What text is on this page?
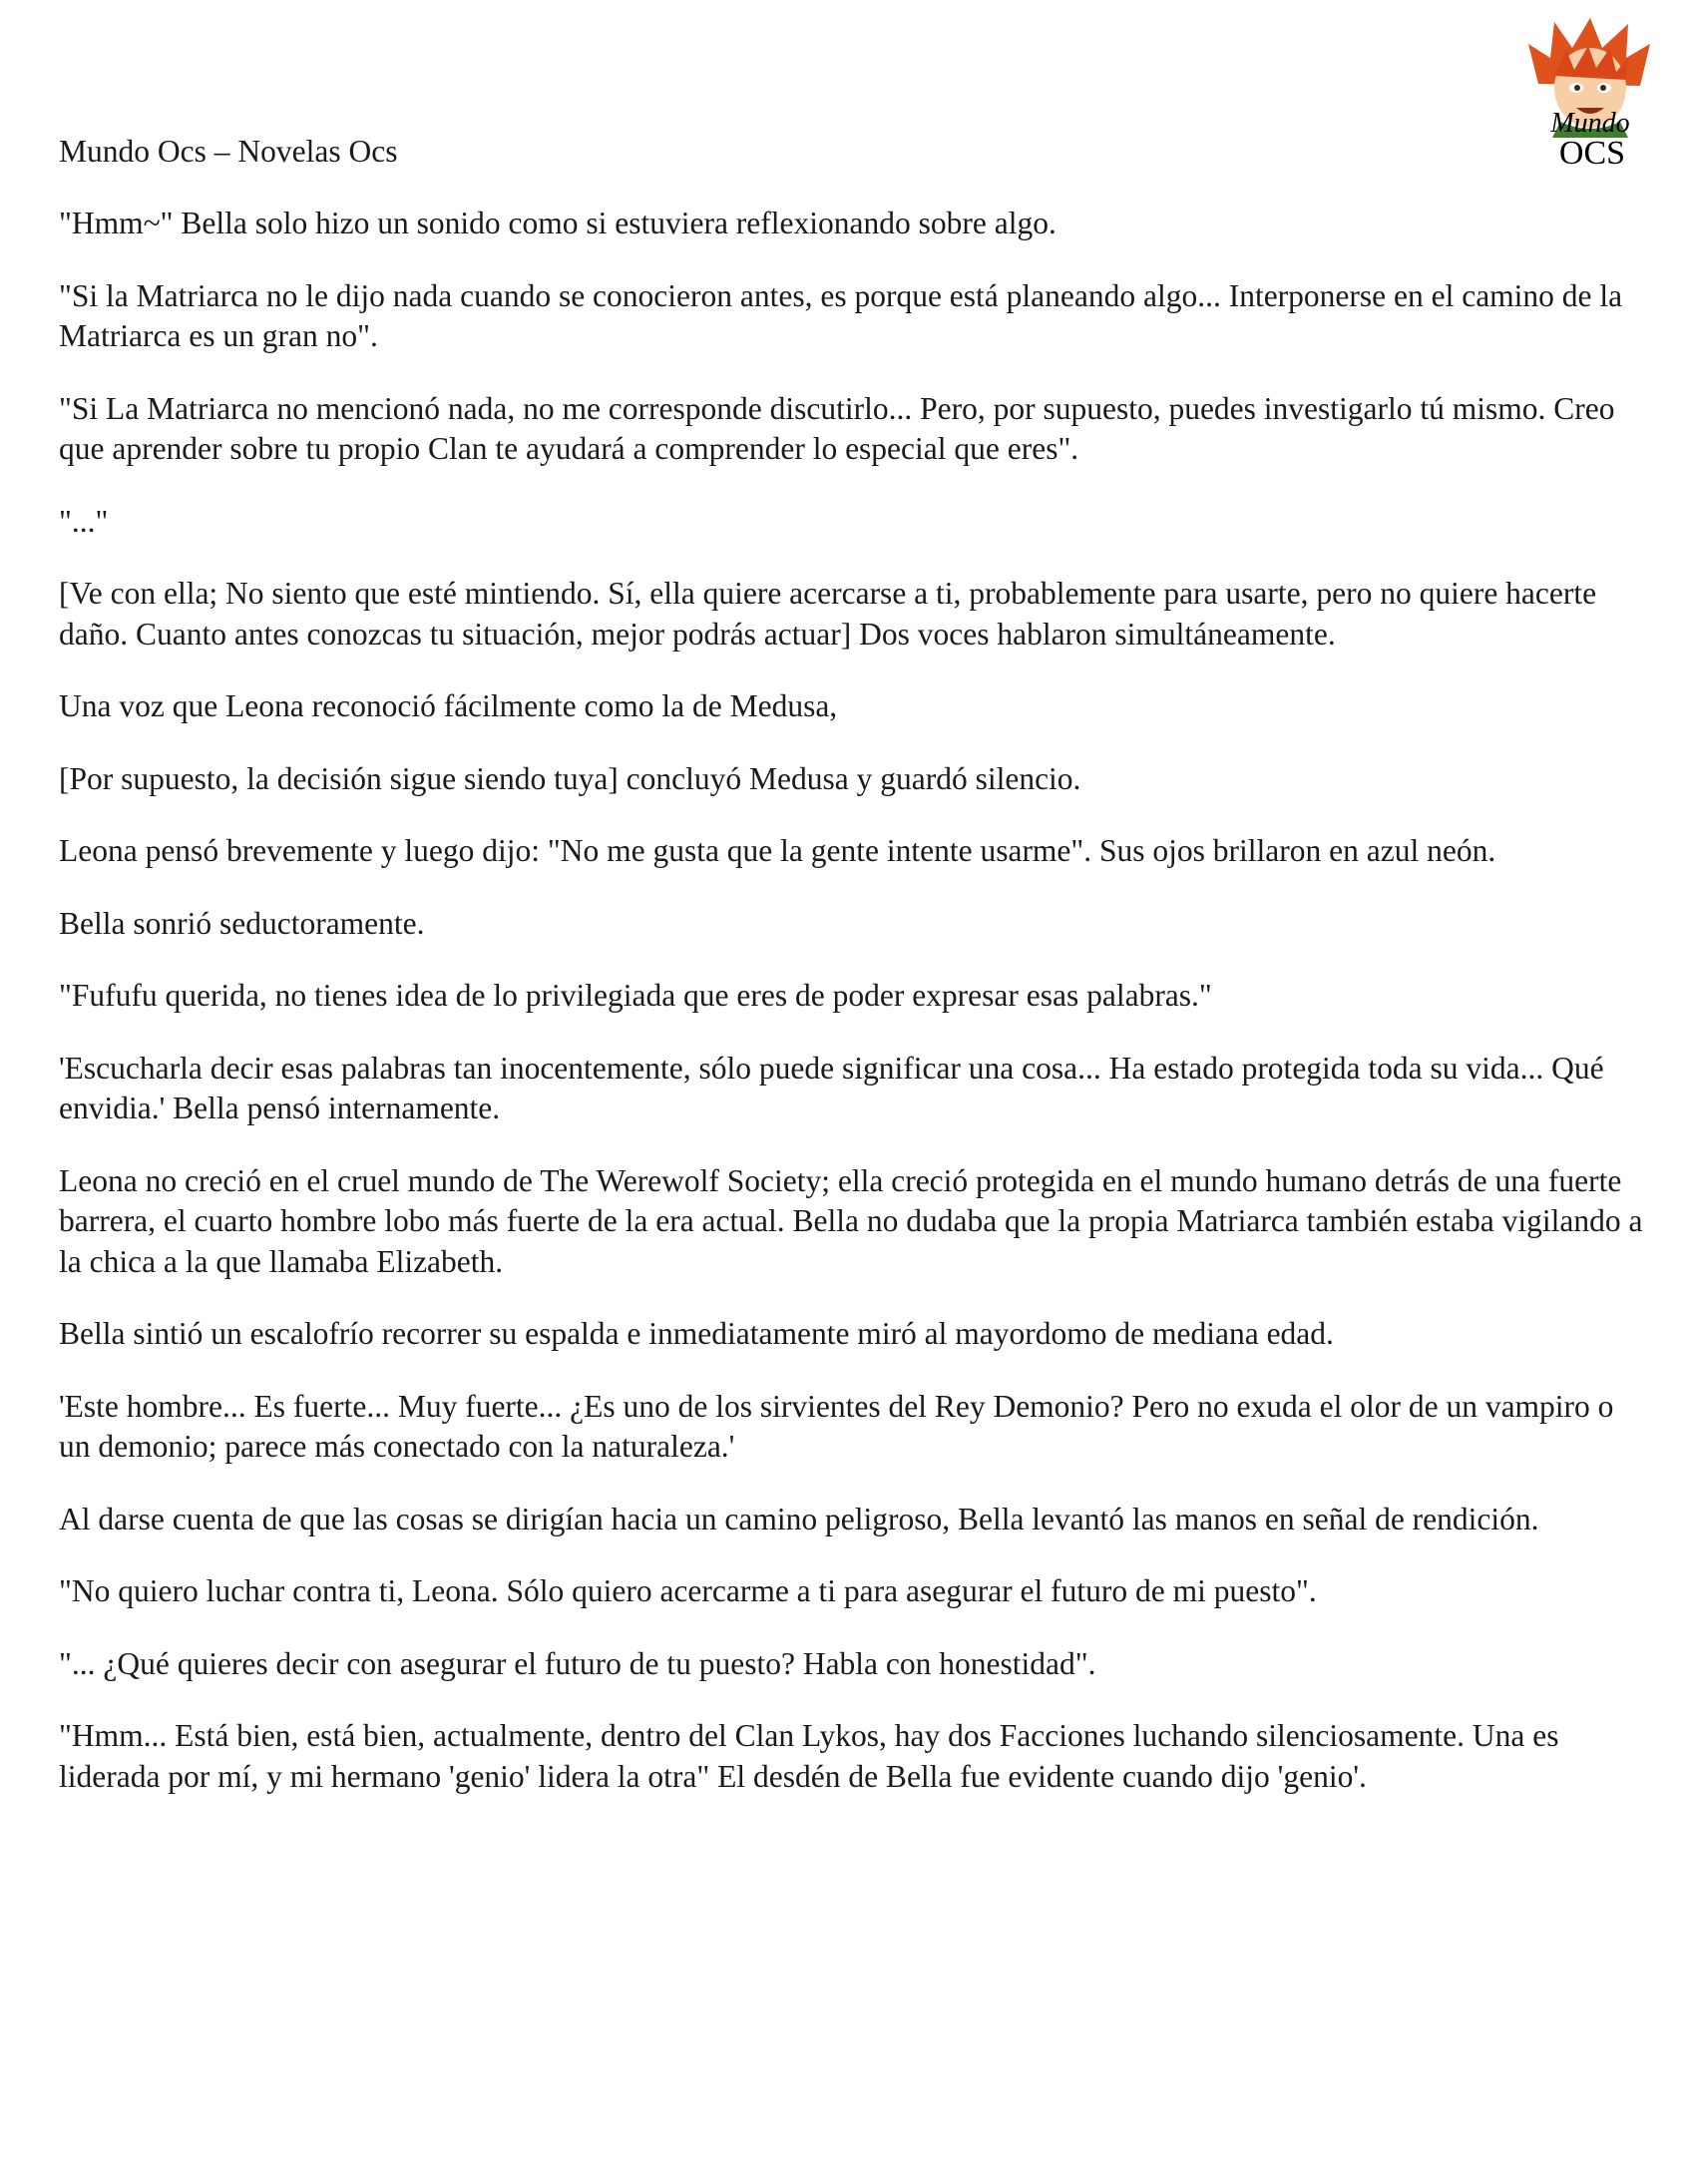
Mundo
OCS
Mundo Ocs – Novelas Ocs

"Hmm~" Bella solo hizo un sonido como si estuviera reflexionando sobre algo.

"Si la Matriarca no le dijo nada cuando se conocieron antes, es porque está planeando algo... Interponerse en el camino de la Matriarca es un gran no".

"Si La Matriarca no mencionó nada, no me corresponde discutirlo... Pero, por supuesto, puedes investigarlo tú mismo. Creo que aprender sobre tu propio Clan te ayudará a comprender lo especial que eres".

"..."

[Ve con ella; No siento que esté mintiendo. Sí, ella quiere acercarse a ti, probablemente para usarte, pero no quiere hacerte daño. Cuanto antes conozcas tu situación, mejor podrás actuar] Dos voces hablaron simultáneamente.

Una voz que Leona reconoció fácilmente como la de Medusa,

[Por supuesto, la decisión sigue siendo tuya] concluyó Medusa y guardó silencio.

Leona pensó brevemente y luego dijo: "No me gusta que la gente intente usarme". Sus ojos brillaron en azul neón.

Bella sonrió seductoramente.

"Fufufu querida, no tienes idea de lo privilegiada que eres de poder expresar esas palabras."

'Escucharla decir esas palabras tan inocentemente, sólo puede significar una cosa... Ha estado protegida toda su vida... Qué envidia.' Bella pensó internamente.

Leona no creció en el cruel mundo de The Werewolf Society; ella creció protegida en el mundo humano detrás de una fuerte barrera, el cuarto hombre lobo más fuerte de la era actual. Bella no dudaba que la propia Matriarca también estaba vigilando a la chica a la que llamaba Elizabeth.

Bella sintió un escalofrío recorrer su espalda e inmediatamente miró al mayordomo de mediana edad.

'Este hombre... Es fuerte... Muy fuerte... ¿Es uno de los sirvientes del Rey Demonio? Pero no exuda el olor de un vampiro o un demonio; parece más conectado con la naturaleza.'

Al darse cuenta de que las cosas se dirigían hacia un camino peligroso, Bella levantó las manos en señal de rendición.

"No quiero luchar contra ti, Leona. Sólo quiero acercarme a ti para asegurar el futuro de mi puesto".

"... ¿Qué quieres decir con asegurar el futuro de tu puesto? Habla con honestidad".

"Hmm... Está bien, está bien, actualmente, dentro del Clan Lykos, hay dos Facciones luchando silenciosamente. Una es liderada por mí, y mi hermano 'genio' lidera la otra" El desdén de Bella fue evidente cuando dijo 'genio'.
